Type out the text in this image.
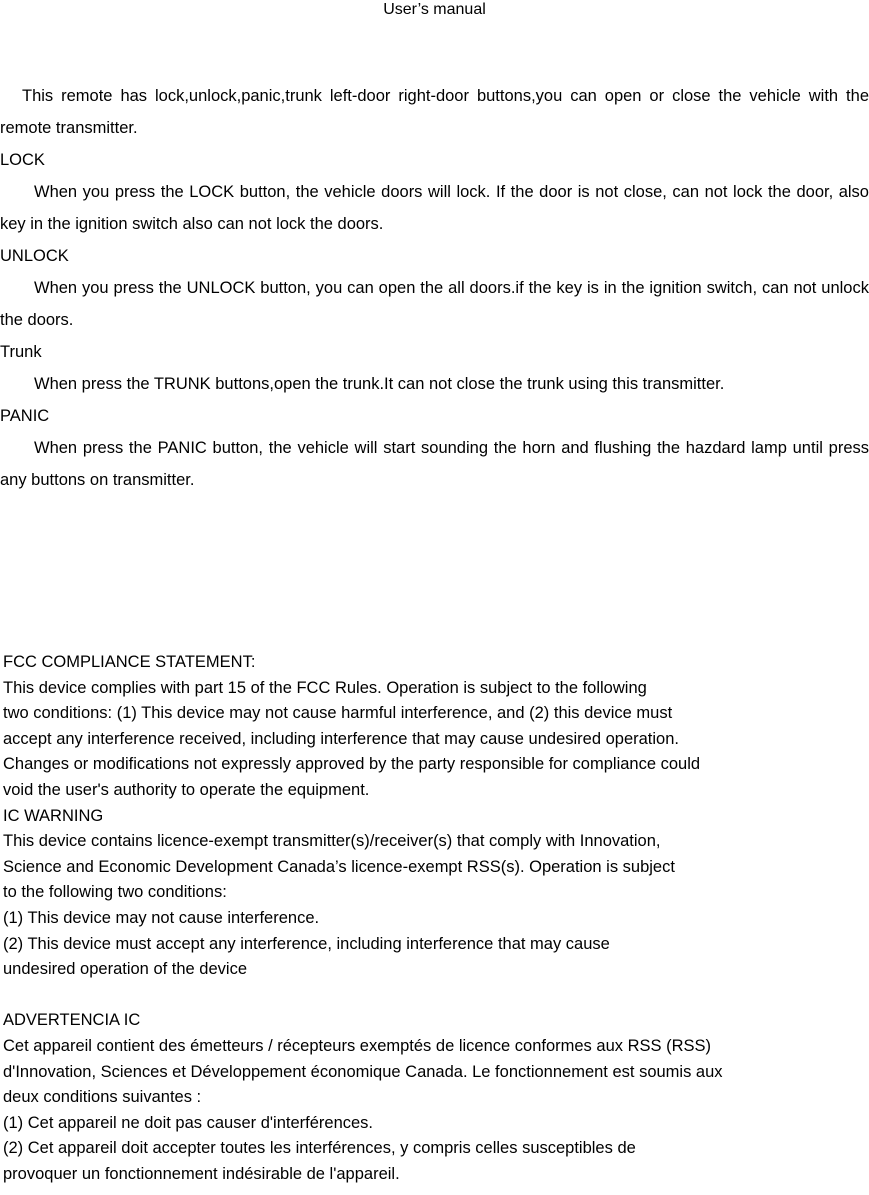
User’s manual

This remote has lock,unlock,panic,trunk left-door right-door buttons,you can open or close the vehicle with the remote transmitter.

LOCK

When you press the LOCK button, the vehicle doors will lock. If the door is not close, can not lock the door, also key in the ignition switch also can not lock the doors.

UNLOCK

When you press the UNLOCK button, you can open the all doors.if the key is in the ignition switch, can not unlock the doors.

Trunk

When press the TRUNK buttons,open the trunk.It can not close the trunk using this transmitter.

PANIC

When press the PANIC button, the vehicle will start sounding the horn and flushing the hazdard lamp until press any buttons on transmitter.

FCC COMPLIANCE STATEMENT:
This device complies with part 15 of the FCC Rules. Operation is subject to the following
two conditions: (1) This device may not cause harmful interference, and (2) this device must
accept any interference received, including interference that may cause undesired operation.
Changes or modifications not expressly approved by the party responsible for compliance could
void the user's authority to operate the equipment.
IC WARNING
This device contains licence-exempt transmitter(s)/receiver(s) that comply with Innovation,
Science and Economic Development Canada’s licence-exempt RSS(s). Operation is subject
to the following two conditions:
(1) This device may not cause interference.
(2) This device must accept any interference, including interference that may cause
undesired operation of the device
ADVERTENCIA IC
Cet appareil contient des émetteurs / récepteurs exemptés de licence conformes aux RSS (RSS)
d'Innovation, Sciences et Développement économique Canada. Le fonctionnement est soumis aux
deux conditions suivantes :
(1) Cet appareil ne doit pas causer d'interférences.
(2) Cet appareil doit accepter toutes les interférences, y compris celles susceptibles de
provoquer un fonctionnement indésirable de l'appareil.
